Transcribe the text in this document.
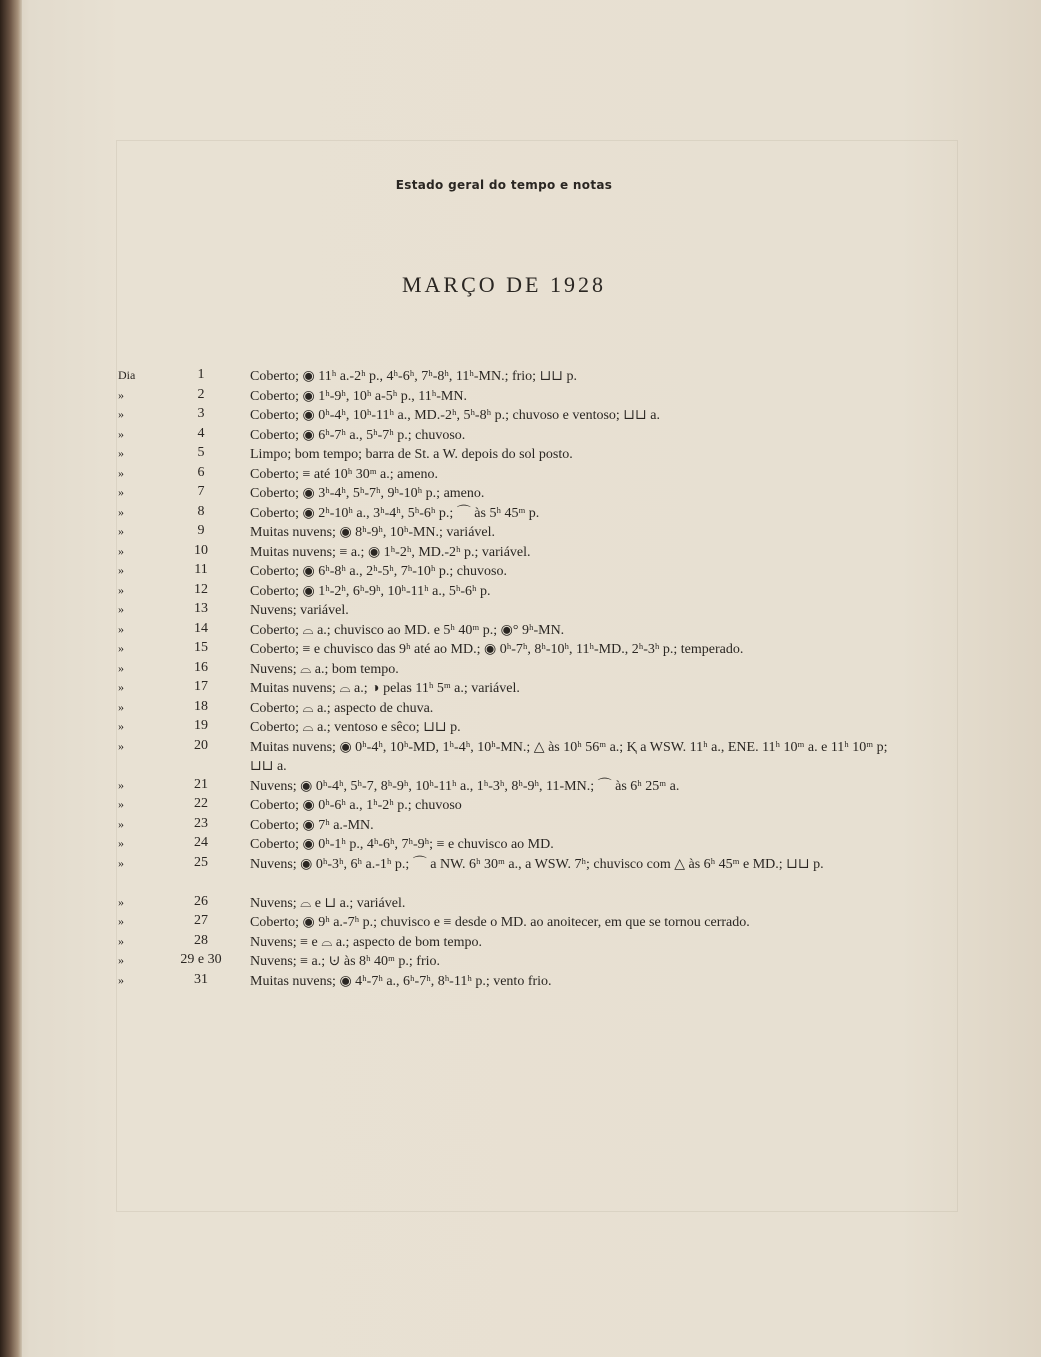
Estado geral do tempo e notas
MARÇO DE 1928
Dia	1	Coberto; ◉ 11ʰ a.-2ʰ p., 4ʰ-6ʰ, 7ʰ-8ʰ, 11ʰ-MN.; frio; ⊔⊔ p.
»	2	Coberto; ◉ 1ʰ-9ʰ, 10ʰ a-5ʰ p., 11ʰ-MN.
»	3	Coberto; ◉ 0ʰ-4ʰ, 10ʰ-11ʰ a., MD.-2ʰ, 5ʰ-8ʰ p.; chuvoso e ventoso; ⊔⊔ a.
»	4	Coberto; ◉ 6ʰ-7ʰ a., 5ʰ-7ʰ p.; chuvoso.
»	5	Limpo; bom tempo; barra de St. a W. depois do sol posto.
»	6	Coberto; ≡ até 10ʰ 30ᵐ a.; ameno.
»	7	Coberto; ◉ 3ʰ-4ʰ, 5ʰ-7ʰ, 9ʰ-10ʰ p.; ameno.
»	8	Coberto; ◉ 2ʰ-10ʰ a., 3ʰ-4ʰ, 5ʰ-6ʰ p.; ⌒ às 5ʰ 45ᵐ p.
»	9	Muitas nuvens; ◉ 8ʰ-9ʰ, 10ʰ-MN.; variável.
»	10	Muitas nuvens; ≡ a.; ◉ 1ʰ-2ʰ, MD.-2ʰ p.; variável.
»	11	Coberto; ◉ 6ʰ-8ʰ a., 2ʰ-5ʰ, 7ʰ-10ʰ p.; chuvoso.
»	12	Coberto; ◉ 1ʰ-2ʰ, 6ʰ-9ʰ, 10ʰ-11ʰ a., 5ʰ-6ʰ p.
»	13	Nuvens; variável.
»	14	Coberto; ⌓ a.; chuvisco ao MD. e 5ʰ 40ᵐ p.; ◉° 9ʰ-MN.
»	15	Coberto; ≡ e chuvisco das 9ʰ até ao MD.; ◉ 0ʰ-7ʰ, 8ʰ-10ʰ, 11ʰ-MD., 2ʰ-3ʰ p.; temperado.
»	16	Nuvens; ⌓ a.; bom tempo.
»	17	Muitas nuvens; ⌓ a.; ◑ pelas 11ʰ 5ᵐ a.; variável.
»	18	Coberto; ⌓ a.; aspecto de chuva.
»	19	Coberto; ⌓ a.; ventoso e sêco; ⊔⊔ p.
»	20	Muitas nuvens; ◉ 0ʰ-4ʰ, 10ʰ-MD, 1ʰ-4ʰ, 10ʰ-MN.; △ às 10ʰ 56ᵐ a.; Ⱪ a WSW. 11ʰ a., ENE. 11ʰ 10ᵐ a. e 11ʰ 10ᵐ p; ⊔⊔ a.
»	21	Nuvens; ◉ 0ʰ-4ʰ, 5ʰ-7, 8ʰ-9ʰ, 10ʰ-11ʰ a., 1ʰ-3ʰ, 8ʰ-9ʰ, 11-MN.; ⌒ às 6ʰ 25ᵐ a.
»	22	Coberto; ◉ 0ʰ-6ʰ a., 1ʰ-2ʰ p.; chuvoso
»	23	Coberto; ◉ 7ʰ a.-MN.
»	24	Coberto; ◉ 0ʰ-1ʰ p., 4ʰ-6ʰ, 7ʰ-9ʰ; ≡ e chuvisco ao MD.
»	25	Nuvens; ◉ 0ʰ-3ʰ, 6ʰ a.-1ʰ p.; ⌒ a NW. 6ʰ 30ᵐ a., a WSW. 7ʰ; chuvisco com △ às 6ʰ 45ᵐ e MD.; ⊔⊔ p.
»	26	Nuvens; ⌓ e ⊔ a.; variável.
»	27	Coberto; ◉ 9ʰ a.-7ʰ p.; chuvisco e ≡ desde o MD. ao anoitecer, em que se tornou cerrado.
»	28	Nuvens; ≡ e ⌓ a.; aspecto de bom tempo.
»	29 e 30	Nuvens; ≡ a.; ⊍ às 8ʰ 40ᵐ p.; frio.
»	31	Muitas nuvens; ◉ 4ʰ-7ʰ a., 6ʰ-7ʰ, 8ʰ-11ʰ p.; vento frio.
